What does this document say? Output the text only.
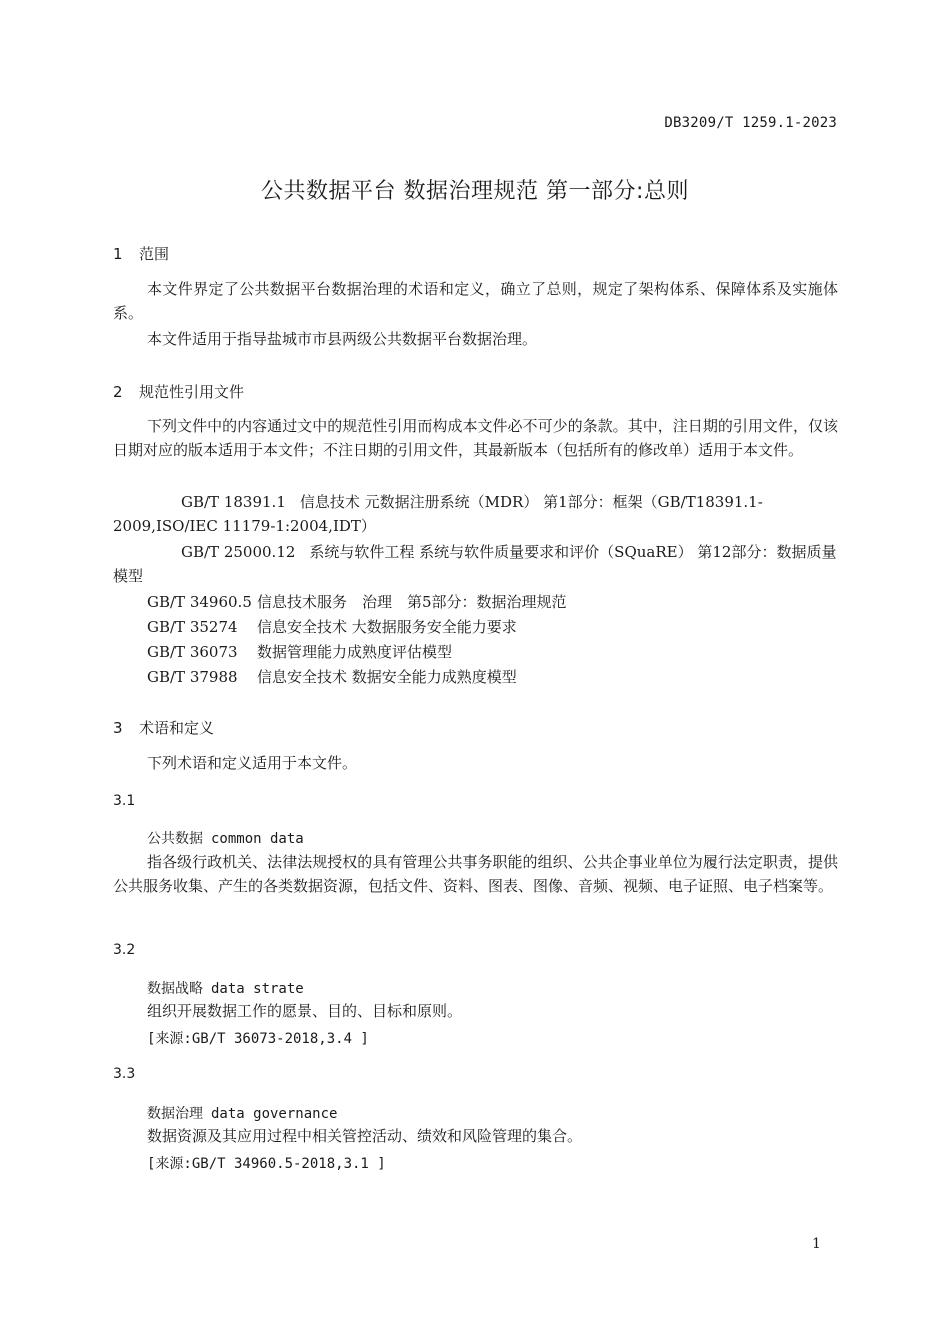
DB3209/T 1259.1-2023
公共数据平台 数据治理规范 第一部分:总则
1 范围
本文件界定了公共数据平台数据治理的术语和定义，确立了总则，规定了架构体系、保障体系及实施体系。
本文件适用于指导盐城市市县两级公共数据平台数据治理。
2 规范性引用文件
下列文件中的内容通过文中的规范性引用而构成本文件必不可少的条款。其中，注日期的引用文件，仅该日期对应的版本适用于本文件；不注日期的引用文件，其最新版本（包括所有的修改单）适用于本文件。
GB/T 18391.1 信息技术 元数据注册系统（MDR） 第1部分：框架（GB/T18391.1-2009,ISO/IEC 11179-1:2004,IDT）
GB/T 25000.12 系统与软件工程 系统与软件质量要求和评价（SQuaRE） 第12部分：数据质量模型
GB/T 34960.5 信息技术服务　治理　第5部分：数据治理规范
GB/T 35274 信息安全技术 大数据服务安全能力要求
GB/T 36073 数据管理能力成熟度评估模型
GB/T 37988 信息安全技术 数据安全能力成熟度模型
3 术语和定义
下列术语和定义适用于本文件。
3.1
公共数据 common data
指各级行政机关、法律法规授权的具有管理公共事务职能的组织、公共企事业单位为履行法定职责，提供公共服务收集、产生的各类数据资源，包括文件、资料、图表、图像、音频、视频、电子证照、电子档案等。
3.2
数据战略 data strate
组织开展数据工作的愿景、目的、目标和原则。
[来源:GB/T 36073-2018,3.4 ]
3.3
数据治理 data governance
数据资源及其应用过程中相关管控活动、绩效和风险管理的集合。
[来源:GB/T 34960.5-2018,3.1 ]
1
